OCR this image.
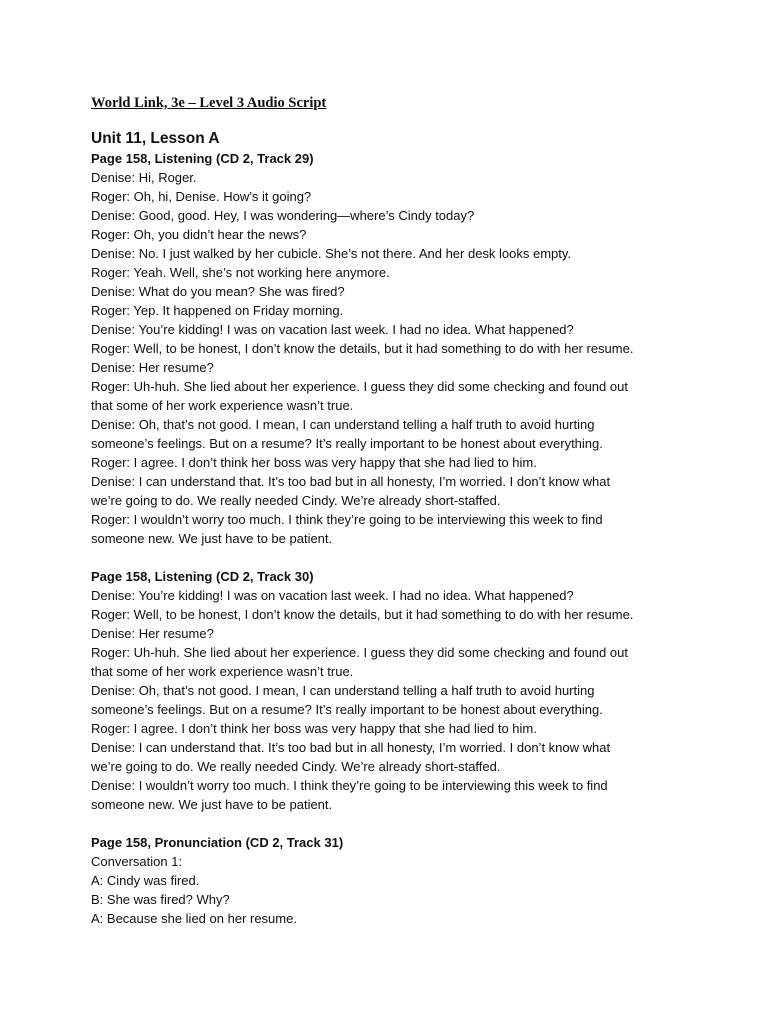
World Link, 3e – Level 3 Audio Script
Unit 11, Lesson A
Page 158, Listening (CD 2, Track 29)
Denise: Hi, Roger.
Roger: Oh, hi, Denise. How’s it going?
Denise: Good, good. Hey, I was wondering—where’s Cindy today?
Roger: Oh, you didn’t hear the news?
Denise: No. I just walked by her cubicle. She’s not there. And her desk looks empty.
Roger: Yeah. Well, she’s not working here anymore.
Denise: What do you mean? She was fired?
Roger: Yep. It happened on Friday morning.
Denise: You’re kidding! I was on vacation last week. I had no idea. What happened?
Roger: Well, to be honest, I don’t know the details, but it had something to do with her resume.
Denise: Her resume?
Roger: Uh-huh. She lied about her experience. I guess they did some checking and found out
that some of her work experience wasn’t true.
Denise: Oh, that’s not good. I mean, I can understand telling a half truth to avoid hurting
someone’s feelings. But on a resume? It’s really important to be honest about everything.
Roger: I agree. I don’t think her boss was very happy that she had lied to him.
Denise: I can understand that. It’s too bad but in all honesty, I’m worried. I don’t know what
we’re going to do. We really needed Cindy. We’re already short-staffed.
Roger: I wouldn’t worry too much. I think they’re going to be interviewing this week to find
someone new. We just have to be patient.
Page 158, Listening (CD 2, Track 30)
Denise: You’re kidding! I was on vacation last week. I had no idea. What happened?
Roger: Well, to be honest, I don’t know the details, but it had something to do with her resume.
Denise: Her resume?
Roger: Uh-huh. She lied about her experience. I guess they did some checking and found out
that some of her work experience wasn’t true.
Denise: Oh, that’s not good. I mean, I can understand telling a half truth to avoid hurting
someone’s feelings. But on a resume? It’s really important to be honest about everything.
Roger: I agree. I don’t think her boss was very happy that she had lied to him.
Denise: I can understand that. It’s too bad but in all honesty, I’m worried. I don’t know what
we’re going to do. We really needed Cindy. We’re already short-staffed.
Denise: I wouldn’t worry too much. I think they’re going to be interviewing this week to find
someone new. We just have to be patient.
Page 158, Pronunciation (CD 2, Track 31)
Conversation 1:
A: Cindy was fired.
B: She was fired? Why?
A: Because she lied on her resume.
